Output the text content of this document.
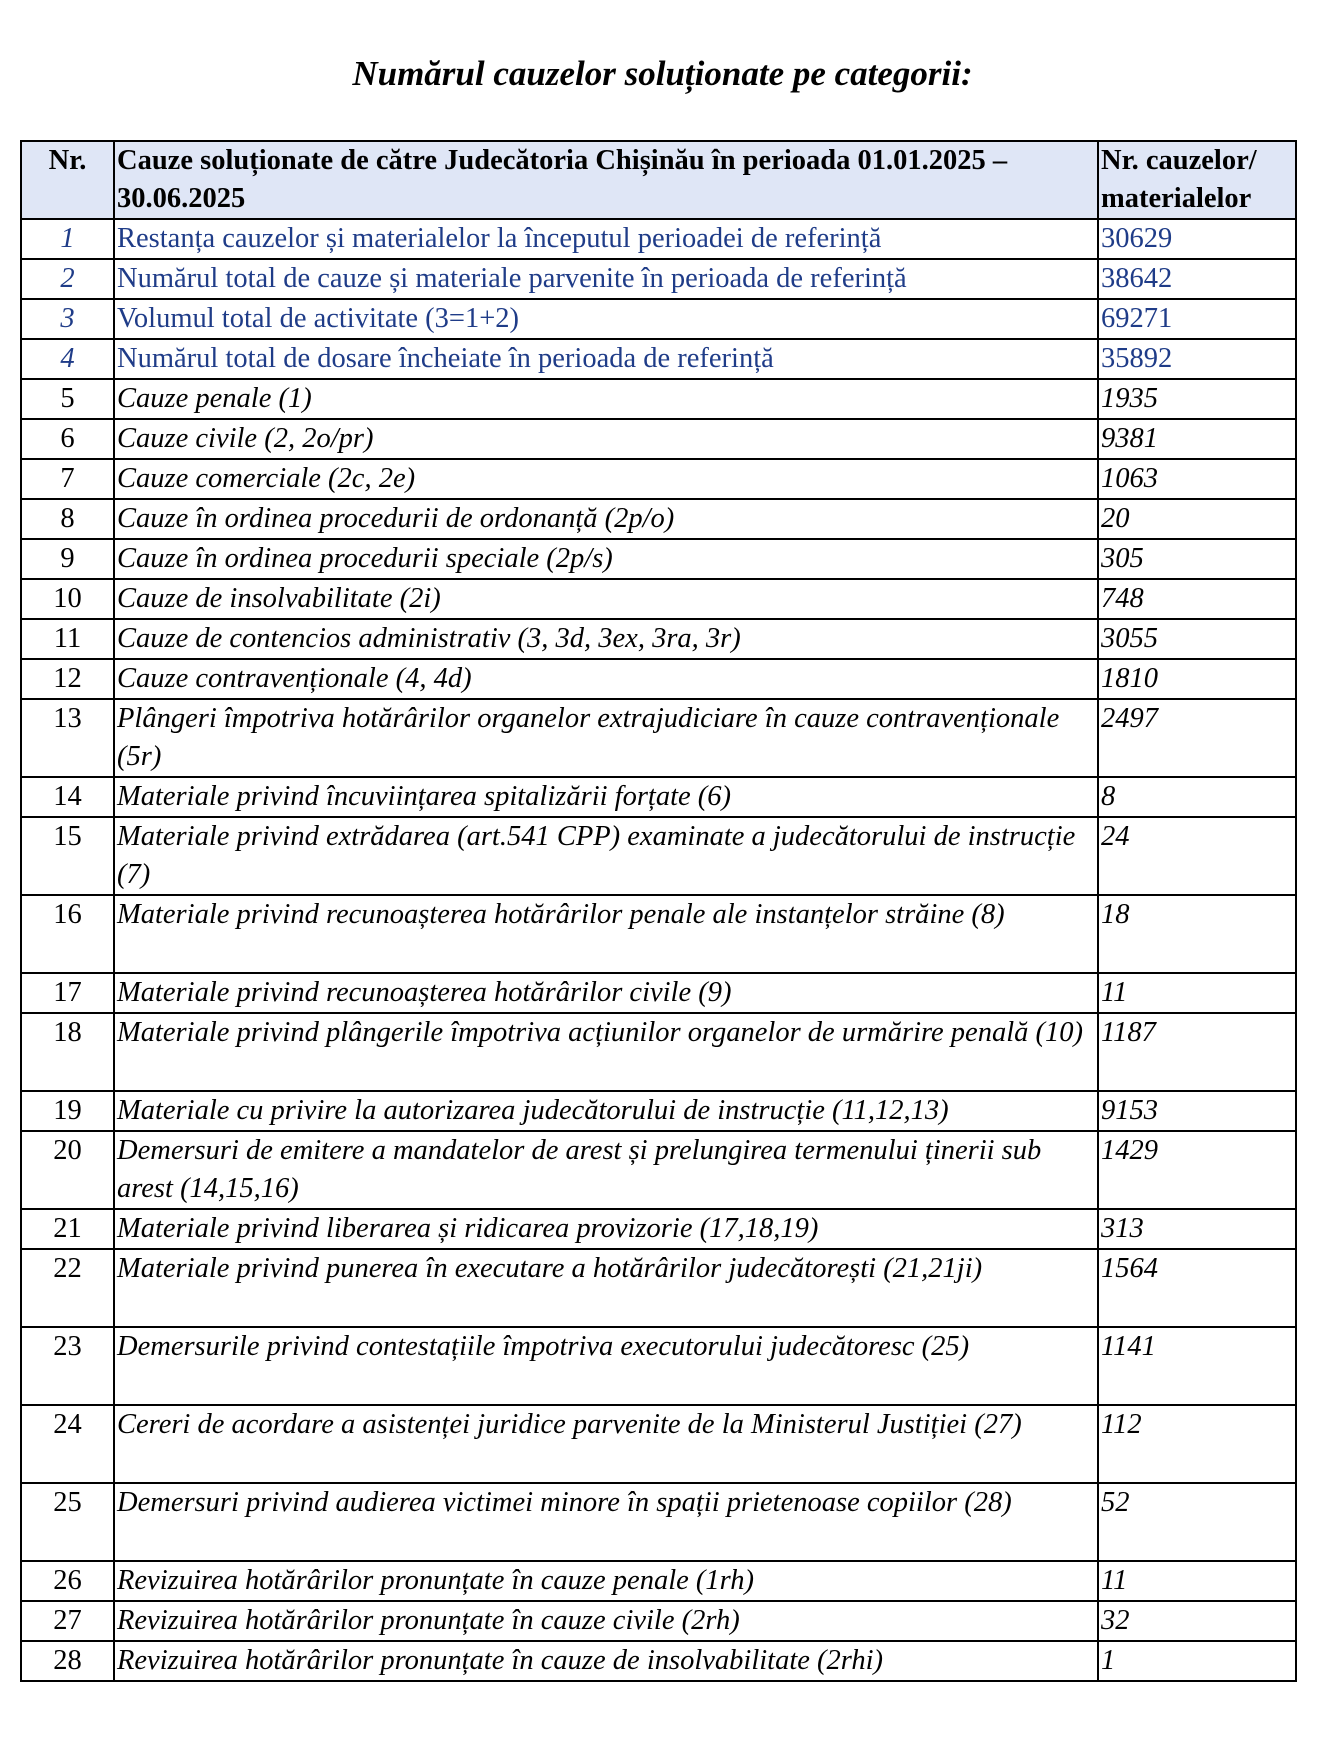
Numărul cauzelor soluționate pe categorii:
Nr.	Cauze soluționate de către Judecătoria Chișinău în perioada 01.01.2025 – 30.06.2025	Nr. cauzelor/ materialelor
1	Restanța cauzelor și materialelor la începutul perioadei de referință	30629
2	Numărul total de cauze și materiale parvenite în perioada de referință	38642
3	Volumul total de activitate (3=1+2)	69271
4	Numărul total de dosare încheiate în perioada de referință	35892
5	Cauze penale (1)	1935
6	Cauze civile (2, 2o/pr)	9381
7	Cauze comerciale (2c, 2e)	1063
8	Cauze în ordinea procedurii de ordonanță (2p/o)	20
9	Cauze în ordinea procedurii speciale (2p/s)	305
10	Cauze de insolvabilitate (2i)	748
11	Cauze de contencios administrativ (3, 3d, 3ex, 3ra, 3r)	3055
12	Cauze contravenționale (4, 4d)	1810
13	Plângeri împotriva hotărârilor organelor extrajudiciare în cauze contravenționale (5r)	2497
14	Materiale privind încuviințarea spitalizării forțate (6)	8
15	Materiale privind extrădarea (art.541 CPP) examinate a judecătorului de instrucție (7)	24
16	Materiale privind recunoașterea hotărârilor penale ale instanțelor străine (8)	18
17	Materiale privind recunoașterea hotărârilor civile (9)	11
18	Materiale privind plângerile împotriva acțiunilor organelor de urmărire penală (10)	1187
19	Materiale cu privire la autorizarea judecătorului de instrucție (11,12,13)	9153
20	Demersuri de emitere a mandatelor de arest și prelungirea termenului ținerii sub arest (14,15,16)	1429
21	Materiale privind liberarea și ridicarea provizorie (17,18,19)	313
22	Materiale privind punerea în executare a hotărârilor judecătorești (21,21ji)	1564
23	Demersurile privind contestațiile împotriva executorului judecătoresc (25)	1141
24	Cereri de acordare a asistenței juridice parvenite de la Ministerul Justiției (27)	112
25	Demersuri privind audierea victimei minore în spații prietenoase copiilor (28)	52
26	Revizuirea hotărârilor pronunțate în cauze penale (1rh)	11
27	Revizuirea hotărârilor pronunțate în cauze civile (2rh)	32
28	Revizuirea hotărârilor pronunțate în cauze de insolvabilitate (2rhi)	1
